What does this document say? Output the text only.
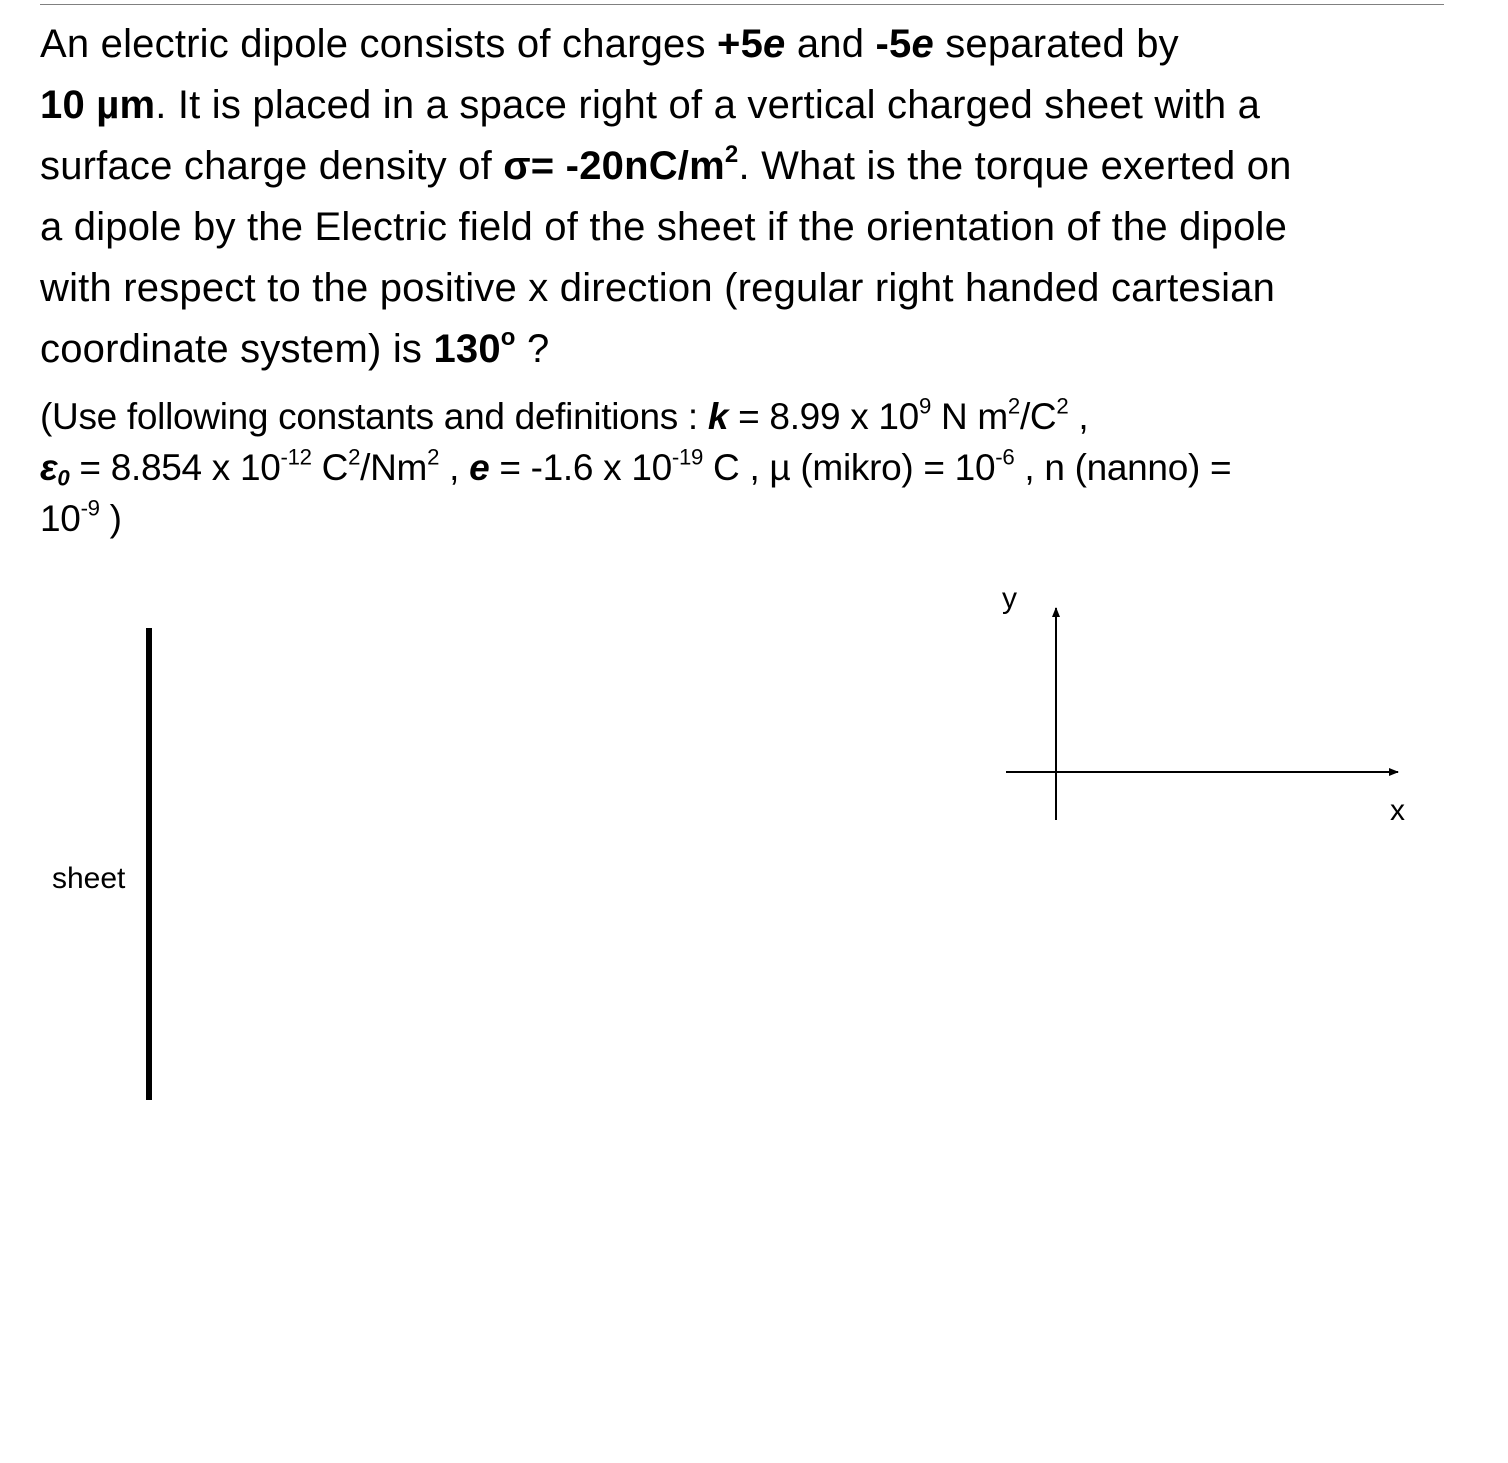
An electric dipole consists of charges +5e and -5e separated by

10 µm. It is placed in a space right of a vertical charged sheet with a

surface charge density of $\sigma= -20nC/m^2$. What is the torque exerted on

a dipole by the Electric field of the sheet if the orientation of the dipole

with respect to the positive x direction (regular right handed cartesian

coordinate system) is 130$^o$ ?

(Use following constants and definitions : k = 8.99 x $10^9$ N $m^2/C^2$ ,
$\varepsilon_0 = 8.854$ x $10^{-12}$ $C^2/Nm^2$ , e = -1.6 x $10^{-19}$ C , µ (mikro) = $10^{-6}$ , n (nanno) =
$10^{-9}$ )
sheet
y
x
